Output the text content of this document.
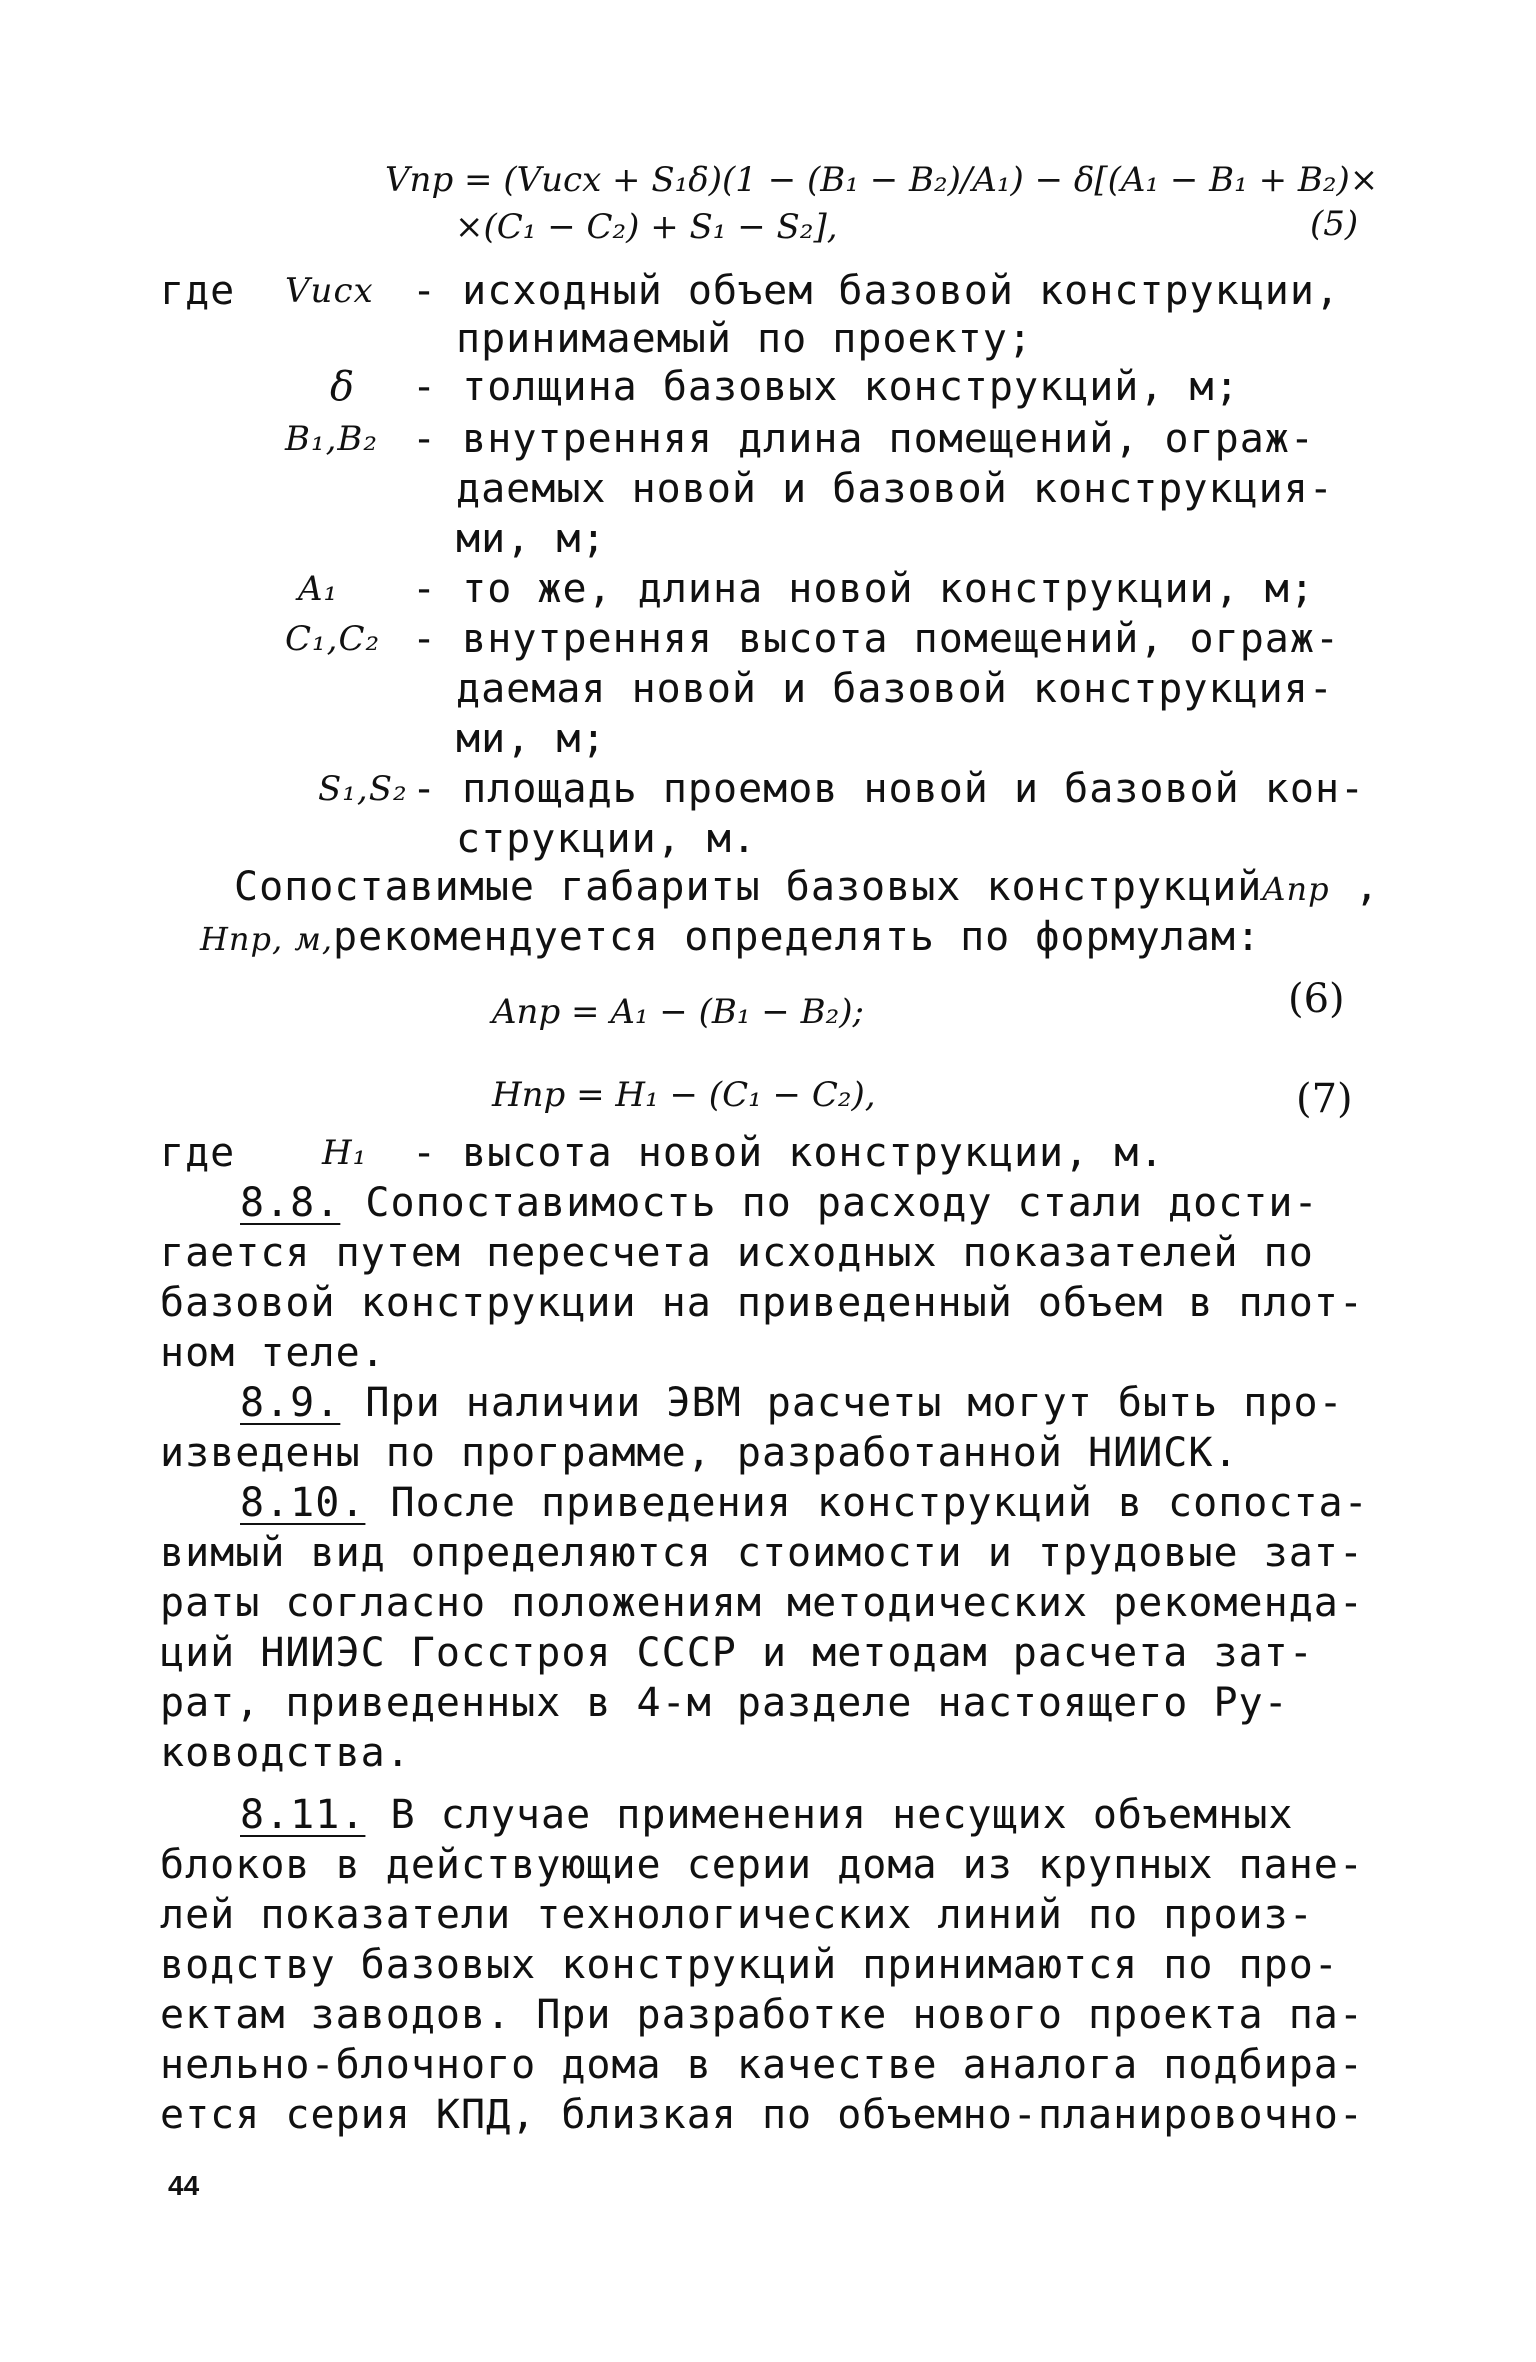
Vпр = (Vисх + S₁δ)(1 − (B₁ − B₂)/A₁) − δ[(A₁ − B₁ + B₂)×
×(C₁ − C₂) + S₁ − S₂],	(5)
где Vисх - исходный объем базовой конструкции,
принимаемый по проекту;
δ - толщина базовых конструкций, м;
B₁,B₂ - внутренняя длина помещений, ограж-
даемых новой и базовой конструкция-
ми, м;
A₁ - то же, длина новой конструкции, м;
C₁,C₂ - внутренняя высота помещений, ограж-
даемая новой и базовой конструкция-
ми, м;
S₁,S₂ - площадь проемов новой и базовой кон-
струкции, м.
Сопоставимые габариты базовых конструкцийAпр ,
Hпр, м,рекомендуется определять по формулам:
Aпр = A₁ − (B₁ − B₂);	(6)
Hпр = H₁ − (C₁ − C₂),	(7)
где	H₁ - высота новой конструкции, м.
8.8. Сопоставимость по расходу стали дости-
гается путем пересчета исходных показателей по
базовой конструкции на приведенный объем в плот-
ном теле.
8.9. При наличии ЭВМ расчеты могут быть про-
изведены по программе, разработанной НИИСК.
8.10. После приведения конструкций в сопоста-
вимый вид определяются стоимости и трудовые зат-
раты согласно положениям методических рекоменда-
ций НИИЭС Госстроя СССР и методам расчета зат-
рат, приведенных в 4-м разделе настоящего Ру-
ководства.
8.11. В случае применения несущих объемных
блоков в действующие серии дома из крупных пане-
лей показатели технологических линий по произ-
водству базовых конструкций принимаются по про-
ектам заводов. При разработке нового проекта па-
нельно-блочного дома в качестве аналога подбира-
ется серия КПД, близкая по объемно-планировочно-
44
